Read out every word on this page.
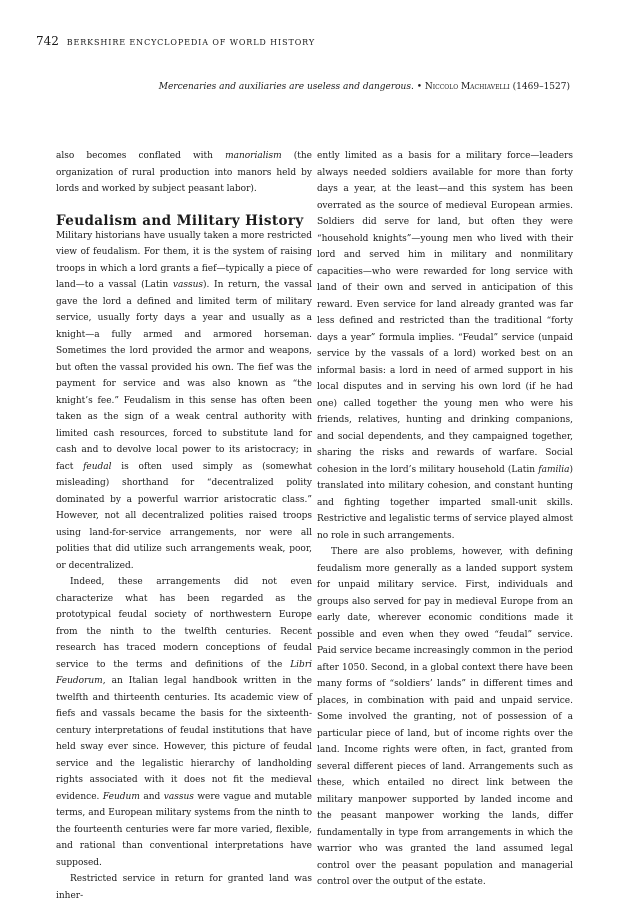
742 BERKSHIRE ENCYCLOPEDIA OF WORLD HISTORY
Mercenaries and auxiliaries are useless and dangerous. • Niccolo Machiavelli (1469–1527)

also becomes conflated with manorialism (the organization of rural production into manors held by lords and worked by subject peasant labor).

Feudalism and Military History

Military historians have usually taken a more restricted view of feudalism. For them, it is the system of raising troops in which a lord grants a fief—typically a piece of land—to a vassal (Latin vassus). In return, the vassal gave the lord a defined and limited term of military service, usually forty days a year and usually as a knight—a fully armed and armored horseman. Sometimes the lord provided the armor and weapons, but often the vassal provided his own. The fief was the payment for service and was also known as “the knight’s fee.” Feudalism in this sense has often been taken as the sign of a weak central authority with limited cash resources, forced to substitute land for cash and to devolve local power to its aristocracy; in fact feudal is often used simply as (somewhat misleading) shorthand for “decentralized polity dominated by a powerful warrior aristocratic class.” However, not all decentralized polities raised troops using land-for-service arrangements, nor were all polities that did utilize such arrangements weak, poor, or decentralized.

Indeed, these arrangements did not even characterize what has been regarded as the prototypical feudal society of northwestern Europe from the ninth to the twelfth centuries. Recent research has traced modern conceptions of feudal service to the terms and definitions of the Libri Feudorum, an Italian legal handbook written in the twelfth and thirteenth centuries. Its academic view of fiefs and vassals became the basis for the sixteenth-century interpretations of feudal institutions that have held sway ever since. However, this picture of feudal service and the legalistic hierarchy of landholding rights associated with it does not fit the medieval evidence. Feudum and vassus were vague and mutable terms, and European military systems from the ninth to the fourteenth centuries were far more varied, flexible, and rational than conventional interpretations have supposed.

Restricted service in return for granted land was inher-

ently limited as a basis for a military force—leaders always needed soldiers available for more than forty days a year, at the least—and this system has been overrated as the source of medieval European armies. Soldiers did serve for land, but often they were “household knights”—young men who lived with their lord and served him in military and nonmilitary capacities—who were rewarded for long service with land of their own and served in anticipation of this reward. Even service for land already granted was far less defined and restricted than the traditional “forty days a year” formula implies. “Feudal” service (unpaid service by the vassals of a lord) worked best on an informal basis: a lord in need of armed support in his local disputes and in serving his own lord (if he had one) called together the young men who were his friends, relatives, hunting and drinking companions, and social dependents, and they campaigned together, sharing the risks and rewards of warfare. Social cohesion in the lord’s military household (Latin familia) translated into military cohesion, and constant hunting and fighting together imparted small-unit skills. Restrictive and legalistic terms of service played almost no role in such arrangements.

There are also problems, however, with defining feudalism more generally as a landed support system for unpaid military service. First, individuals and groups also served for pay in medieval Europe from an early date, wherever economic conditions made it possible and even when they owed “feudal” service. Paid service became increasingly common in the period after 1050. Second, in a global context there have been many forms of “soldiers’ lands” in different times and places, in combination with paid and unpaid service. Some involved the granting, not of possession of a particular piece of land, but of income rights over the land. Income rights were often, in fact, granted from several different pieces of land. Arrangements such as these, which entailed no direct link between the military manpower supported by landed income and the peasant manpower working the lands, differ fundamentally in type from arrangements in which the warrior who was granted the land assumed legal control over the peasant population and managerial control over the output of the estate.
